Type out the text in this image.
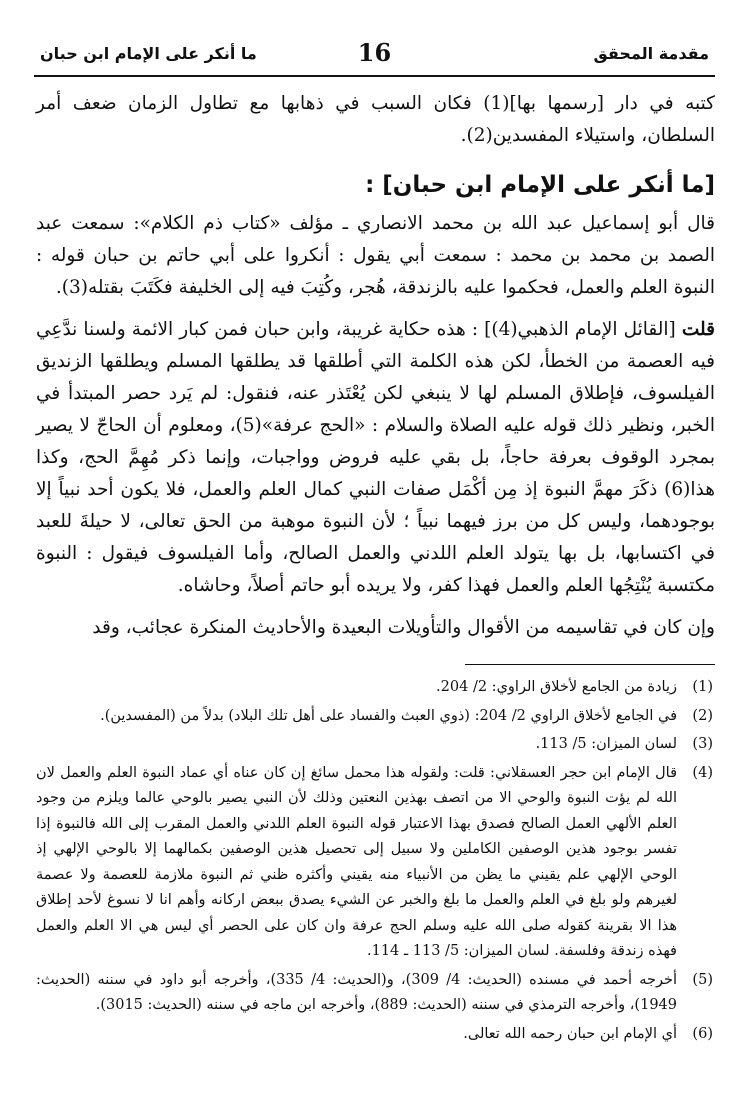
ما أنكر على الإمام ابن حبان	16	مقدمة المحقق

كتبه في دار [رسمها بها](1) فكان السبب في ذهابها مع تطاول الزمان ضعف أمر السلطان، واستيلاء المفسدين(2).

[ما أنكر على الإمام ابن حبان] :

قال أبو إسماعيل عبد الله بن محمد الانصاري ـ مؤلف «كتاب ذم الكلام»: سمعت عبد الصمد بن محمد بن محمد : سمعت أبي يقول : أنكروا على أبي حاتم بن حبان قوله : النبوة العلم والعمل، فحكموا عليه بالزندقة، هُجر، وكُتِبَ فيه إلى الخليفة فكَتَبَ بقتله(3).

قلت [القائل الإمام الذهبي(4)] : هذه حكاية غريبة، وابن حبان فمن كبار الائمة ولسنا ندَّعِي فيه العصمة من الخطأ، لكن هذه الكلمة التي أطلقها قد يطلقها المسلم ويطلقها الزنديق الفيلسوف، فإطلاق المسلم لها لا ينبغي لكن يُعْتَذر عنه، فنقول: لم يَرد حصر المبتدأ في الخبر، ونظير ذلك قوله عليه الصلاة والسلام : «الحج عرفة»(5)، ومعلوم أن الحاجّ لا يصير بمجرد الوقوف بعرفة حاجاً، بل بقي عليه فروض وواجبات، وإنما ذكر مُهِمَّ الحج، وكذا هذا(6) ذكَرَ مهمَّ النبوة إذ مِن أكْمَل صفات النبي كمال العلم والعمل، فلا يكون أحد نبياً إلا بوجودهما، وليس كل من برز فيهما نبياً ؛ لأن النبوة موهبة من الحق تعالى، لا حيلةَ للعبد في اكتسابها، بل بها يتولد العلم اللدني والعمل الصالح، وأما الفيلسوف فيقول : النبوة مكتسبة يُنْتِجُها العلم والعمل فهذا كفر، ولا يريده أبو حاتم أصلاً، وحاشاه.

وإن كان في تقاسيمه من الأقوال والتأويلات البعيدة والأحاديث المنكرة عجائب، وقد

(1)
زيادة من الجامع لأخلاق الراوي: 2/ 204.
(2)
في الجامع لأخلاق الراوي 2/ 204: (ذوي العبث والفساد على أهل تلك البلاد) بدلاً من (المفسدين).
(3)
لسان الميزان: 5/ 113.
(4)
قال الإمام ابن حجر العسقلاني: قلت: ولقوله هذا محمل سائغ إن كان عناه أي عماد النبوة العلم والعمل لان الله لم يؤت النبوة والوحي الا من اتصف بهذين النعتين وذلك لأن النبي يصير بالوحي عالما ويلزم من وجود العلم الألهي العمل الصالح فصدق بهذا الاعتبار قوله النبوة العلم اللدني والعمل المقرب إلى الله فالنبوة إذا تفسر بوجود هذين الوصفين الكاملين ولا سبيل إلى تحصيل هذين الوصفين بكمالهما إلا بالوحي الإلهي إذ الوحي الإلهي علم يقيني ما يظن من الأنبياء منه يقيني وأكثره ظني ثم النبوة ملازمة للعصمة ولا عصمة لغيرهم ولو بلغ في العلم والعمل ما بلغ والخبر عن الشيء يصدق ببعض اركانه وأهم انا لا نسوغ لأحد إطلاق هذا الا بقرينة كقوله صلى الله عليه وسلم الحج عرفة وان كان على الحصر أي ليس هي الا العلم والعمل فهذه زندقة وفلسفة. لسان الميزان: 5/ 113 ـ 114.
(5)
أخرجه أحمد في مسنده (الحديث: 4/ 309)، و(الحديث: 4/ 335)، وأخرجه أبو داود في سننه (الحديث: 1949)، وأخرجه الترمذي في سننه (الحديث: 889)، وأخرجه ابن ماجه في سننه (الحديث: 3015).
(6)
أي الإمام ابن حبان رحمه الله تعالى.
